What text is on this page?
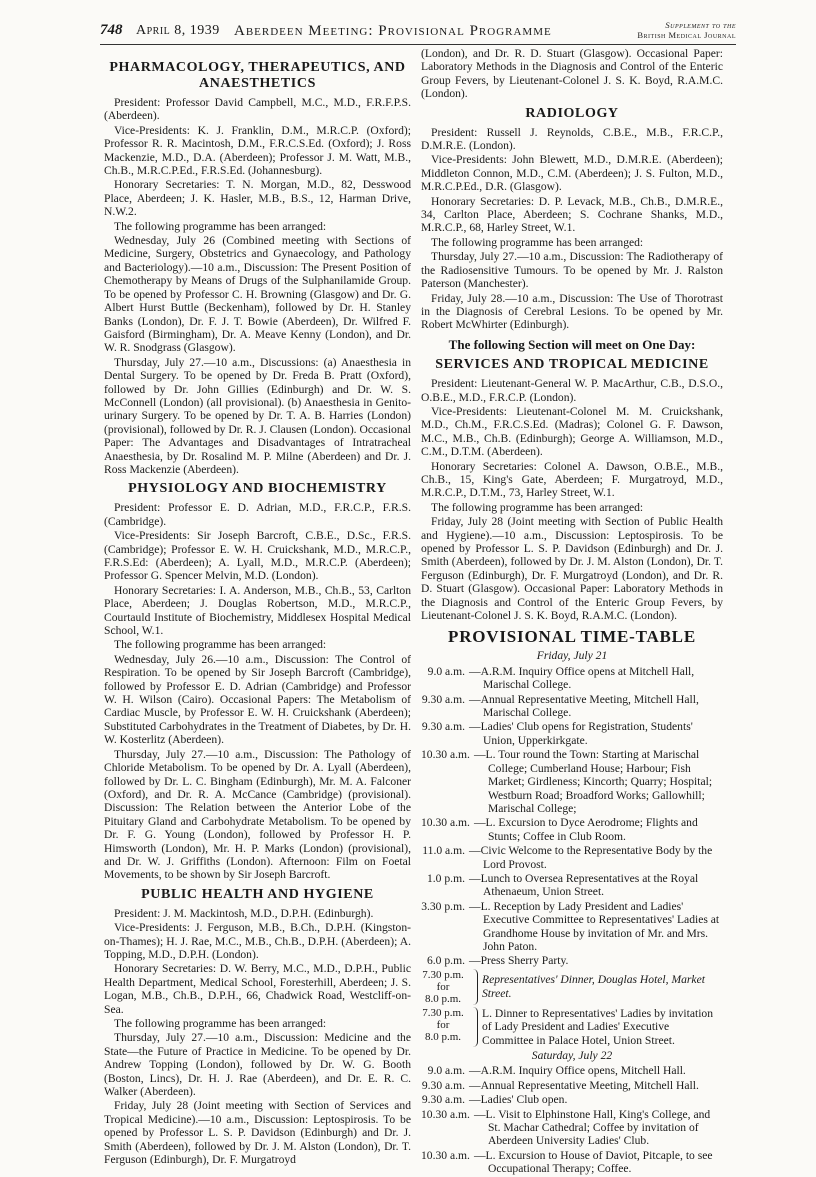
748 April 8, 1939 Aberdeen Meeting: Provisional Programme	Supplement to the
British Medical Journal
PHARMACOLOGY, THERAPEUTICS, AND ANAESTHETICS

President: Professor David Campbell, M.C., M.D., F.R.F.P.S. (Aberdeen).

Vice-Presidents: K. J. Franklin, D.M., M.R.C.P. (Oxford); Professor R. R. Macintosh, D.M., F.R.C.S.Ed. (Oxford); J. Ross Mackenzie, M.D., D.A. (Aberdeen); Professor J. M. Watt, M.B., Ch.B., M.R.C.P.Ed., F.R.S.Ed. (Johannesburg).

Honorary Secretaries: T. N. Morgan, M.D., 82, Desswood Place, Aberdeen; J. K. Hasler, M.B., B.S., 12, Harman Drive, N.W.2.

The following programme has been arranged:

Wednesday, July 26 (Combined meeting with Sections of Medicine, Surgery, Obstetrics and Gynaecology, and Pathology and Bacteriology).—10 a.m., Discussion: The Present Position of Chemotherapy by Means of Drugs of the Sulphanilamide Group. To be opened by Professor C. H. Browning (Glasgow) and Dr. G. Albert Hurst Buttle (Beckenham), followed by Dr. H. Stanley Banks (London), Dr. F. J. T. Bowie (Aberdeen), Dr. Wilfred F. Gaisford (Birmingham), Dr. A. Meave Kenny (London), and Dr. W. R. Snodgrass (Glasgow).

Thursday, July 27.—10 a.m., Discussions: (a) Anaesthesia in Dental Surgery. To be opened by Dr. Freda B. Pratt (Oxford), followed by Dr. John Gillies (Edinburgh) and Dr. W. S. McConnell (London) (all provisional). (b) Anaesthesia in Genito-urinary Surgery. To be opened by Dr. T. A. B. Harries (London) (provisional), followed by Dr. R. J. Clausen (London). Occasional Paper: The Advantages and Disadvantages of Intratracheal Anaesthesia, by Dr. Rosalind M. P. Milne (Aberdeen) and Dr. J. Ross Mackenzie (Aberdeen).

PHYSIOLOGY AND BIOCHEMISTRY

President: Professor E. D. Adrian, M.D., F.R.C.P., F.R.S. (Cambridge).

Vice-Presidents: Sir Joseph Barcroft, C.B.E., D.Sc., F.R.S. (Cambridge); Professor E. W. H. Cruickshank, M.D., M.R.C.P., F.R.S.Ed: (Aberdeen); A. Lyall, M.D., M.R.C.P. (Aberdeen); Professor G. Spencer Melvin, M.D. (London).

Honorary Secretaries: I. A. Anderson, M.B., Ch.B., 53, Carlton Place, Aberdeen; J. Douglas Robertson, M.D., M.R.C.P., Courtauld Institute of Biochemistry, Middlesex Hospital Medical School, W.1.

The following programme has been arranged:

Wednesday, July 26.—10 a.m., Discussion: The Control of Respiration. To be opened by Sir Joseph Barcroft (Cambridge), followed by Professor E. D. Adrian (Cambridge) and Professor W. H. Wilson (Cairo). Occasional Papers: The Metabolism of Cardiac Muscle, by Professor E. W. H. Cruickshank (Aberdeen); Substituted Carbohydrates in the Treatment of Diabetes, by Dr. H. W. Kosterlitz (Aberdeen).

Thursday, July 27.—10 a.m., Discussion: The Pathology of Chloride Metabolism. To be opened by Dr. A. Lyall (Aberdeen), followed by Dr. L. C. Bingham (Edinburgh), Mr. M. A. Falconer (Oxford), and Dr. R. A. McCance (Cambridge) (provisional). Discussion: The Relation between the Anterior Lobe of the Pituitary Gland and Carbohydrate Metabolism. To be opened by Dr. F. G. Young (London), followed by Professor H. P. Himsworth (London), Mr. H. P. Marks (London) (provisional), and Dr. W. J. Griffiths (London). Afternoon: Film on Foetal Movements, to be shown by Sir Joseph Barcroft.

PUBLIC HEALTH AND HYGIENE

President: J. M. Mackintosh, M.D., D.P.H. (Edinburgh).

Vice-Presidents: J. Ferguson, M.B., B.Ch., D.P.H. (Kingston-on-Thames); H. J. Rae, M.C., M.B., Ch.B., D.P.H. (Aberdeen); A. Topping, M.D., D.P.H. (London).

Honorary Secretaries: D. W. Berry, M.C., M.D., D.P.H., Public Health Department, Medical School, Foresterhill, Aberdeen; J. S. Logan, M.B., Ch.B., D.P.H., 66, Chadwick Road, Westcliff-on-Sea.

The following programme has been arranged:

Thursday, July 27.—10 a.m., Discussion: Medicine and the State—the Future of Practice in Medicine. To be opened by Dr. Andrew Topping (London), followed by Dr. W. G. Booth (Boston, Lincs), Dr. H. J. Rae (Aberdeen), and Dr. E. R. C. Walker (Aberdeen).

Friday, July 28 (Joint meeting with Section of Services and Tropical Medicine).—10 a.m., Discussion: Leptospirosis. To be opened by Professor L. S. P. Davidson (Edinburgh) and Dr. J. Smith (Aberdeen), followed by Dr. J. M. Alston (London), Dr. T. Ferguson (Edinburgh), Dr. F. Murgatroyd

(London), and Dr. R. D. Stuart (Glasgow). Occasional Paper: Laboratory Methods in the Diagnosis and Control of the Enteric Group Fevers, by Lieutenant-Colonel J. S. K. Boyd, R.A.M.C. (London).

RADIOLOGY

President: Russell J. Reynolds, C.B.E., M.B., F.R.C.P., D.M.R.E. (London).

Vice-Presidents: John Blewett, M.D., D.M.R.E. (Aberdeen); Middleton Connon, M.D., C.M. (Aberdeen); J. S. Fulton, M.D., M.R.C.P.Ed., D.R. (Glasgow).

Honorary Secretaries: D. P. Levack, M.B., Ch.B., D.M.R.E., 34, Carlton Place, Aberdeen; S. Cochrane Shanks, M.D., M.R.C.P., 68, Harley Street, W.1.

The following programme has been arranged:

Thursday, July 27.—10 a.m., Discussion: The Radiotherapy of the Radiosensitive Tumours. To be opened by Mr. J. Ralston Paterson (Manchester).

Friday, July 28.—10 a.m., Discussion: The Use of Thorotrast in the Diagnosis of Cerebral Lesions. To be opened by Mr. Robert McWhirter (Edinburgh).

The following Section will meet on One Day:
SERVICES AND TROPICAL MEDICINE

President: Lieutenant-General W. P. MacArthur, C.B., D.S.O., O.B.E., M.D., F.R.C.P. (London).

Vice-Presidents: Lieutenant-Colonel M. M. Cruickshank, M.D., Ch.M., F.R.C.S.Ed. (Madras); Colonel G. F. Dawson, M.C., M.B., Ch.B. (Edinburgh); George A. Williamson, M.D., C.M., D.T.M. (Aberdeen).

Honorary Secretaries: Colonel A. Dawson, O.B.E., M.B., Ch.B., 15, King's Gate, Aberdeen; F. Murgatroyd, M.D., M.R.C.P., D.T.M., 73, Harley Street, W.1.

The following programme has been arranged:

Friday, July 28 (Joint meeting with Section of Public Health and Hygiene).—10 a.m., Discussion: Leptospirosis. To be opened by Professor L. S. P. Davidson (Edinburgh) and Dr. J. Smith (Aberdeen), followed by Dr. J. M. Alston (London), Dr. T. Ferguson (Edinburgh), Dr. F. Murgatroyd (London), and Dr. R. D. Stuart (Glasgow). Occasional Paper: Laboratory Methods in the Diagnosis and Control of the Enteric Group Fevers, by Lieutenant-Colonel J. S. K. Boyd, R.A.M.C. (London).

PROVISIONAL TIME-TABLE
Friday, July 21
9.0 a.m. —A.R.M. Inquiry Office opens at Mitchell Hall, Marischal College.
9.30 a.m. —Annual Representative Meeting, Mitchell Hall, Marischal College.
9.30 a.m. —Ladies' Club opens for Registration, Students' Union, Upperkirkgate.
10.30 a.m. —L. Tour round the Town: Starting at Marischal College; Cumberland House; Harbour; Fish Market; Girdleness; Kincorth; Quarry; Hospital; Westburn Road; Broadford Works; Gallowhill; Marischal College;
10.30 a.m. —L. Excursion to Dyce Aerodrome; Flights and Stunts; Coffee in Club Room.
11.0 a.m. —Civic Welcome to the Representative Body by the Lord Provost.
1.0 p.m. —Lunch to Oversea Representatives at the Royal Athenaeum, Union Street.
3.30 p.m. —L. Reception by Lady President and Ladies' Executive Committee to Representatives' Ladies at Grandhome House by invitation of Mr. and Mrs. John Paton.
6.0 p.m. —Press Sherry Party.
7.30 p.m.
for
8.0 p.m.
Representatives' Dinner, Douglas Hotel, Market Street.
7.30 p.m.
for
8.0 p.m.
L. Dinner to Representatives' Ladies by invitation of Lady President and Ladies' Executive Committee in Palace Hotel, Union Street.
Saturday, July 22
9.0 a.m. —A.R.M. Inquiry Office opens, Mitchell Hall.
9.30 a.m. —Annual Representative Meeting, Mitchell Hall.
9.30 a.m. —Ladies' Club open.
10.30 a.m. —L. Visit to Elphinstone Hall, King's College, and St. Machar Cathedral; Coffee by invitation of Aberdeen University Ladies' Club.
10.30 a.m. —L. Excursion to House of Daviot, Pitcaple, to see Occupational Therapy; Coffee.
